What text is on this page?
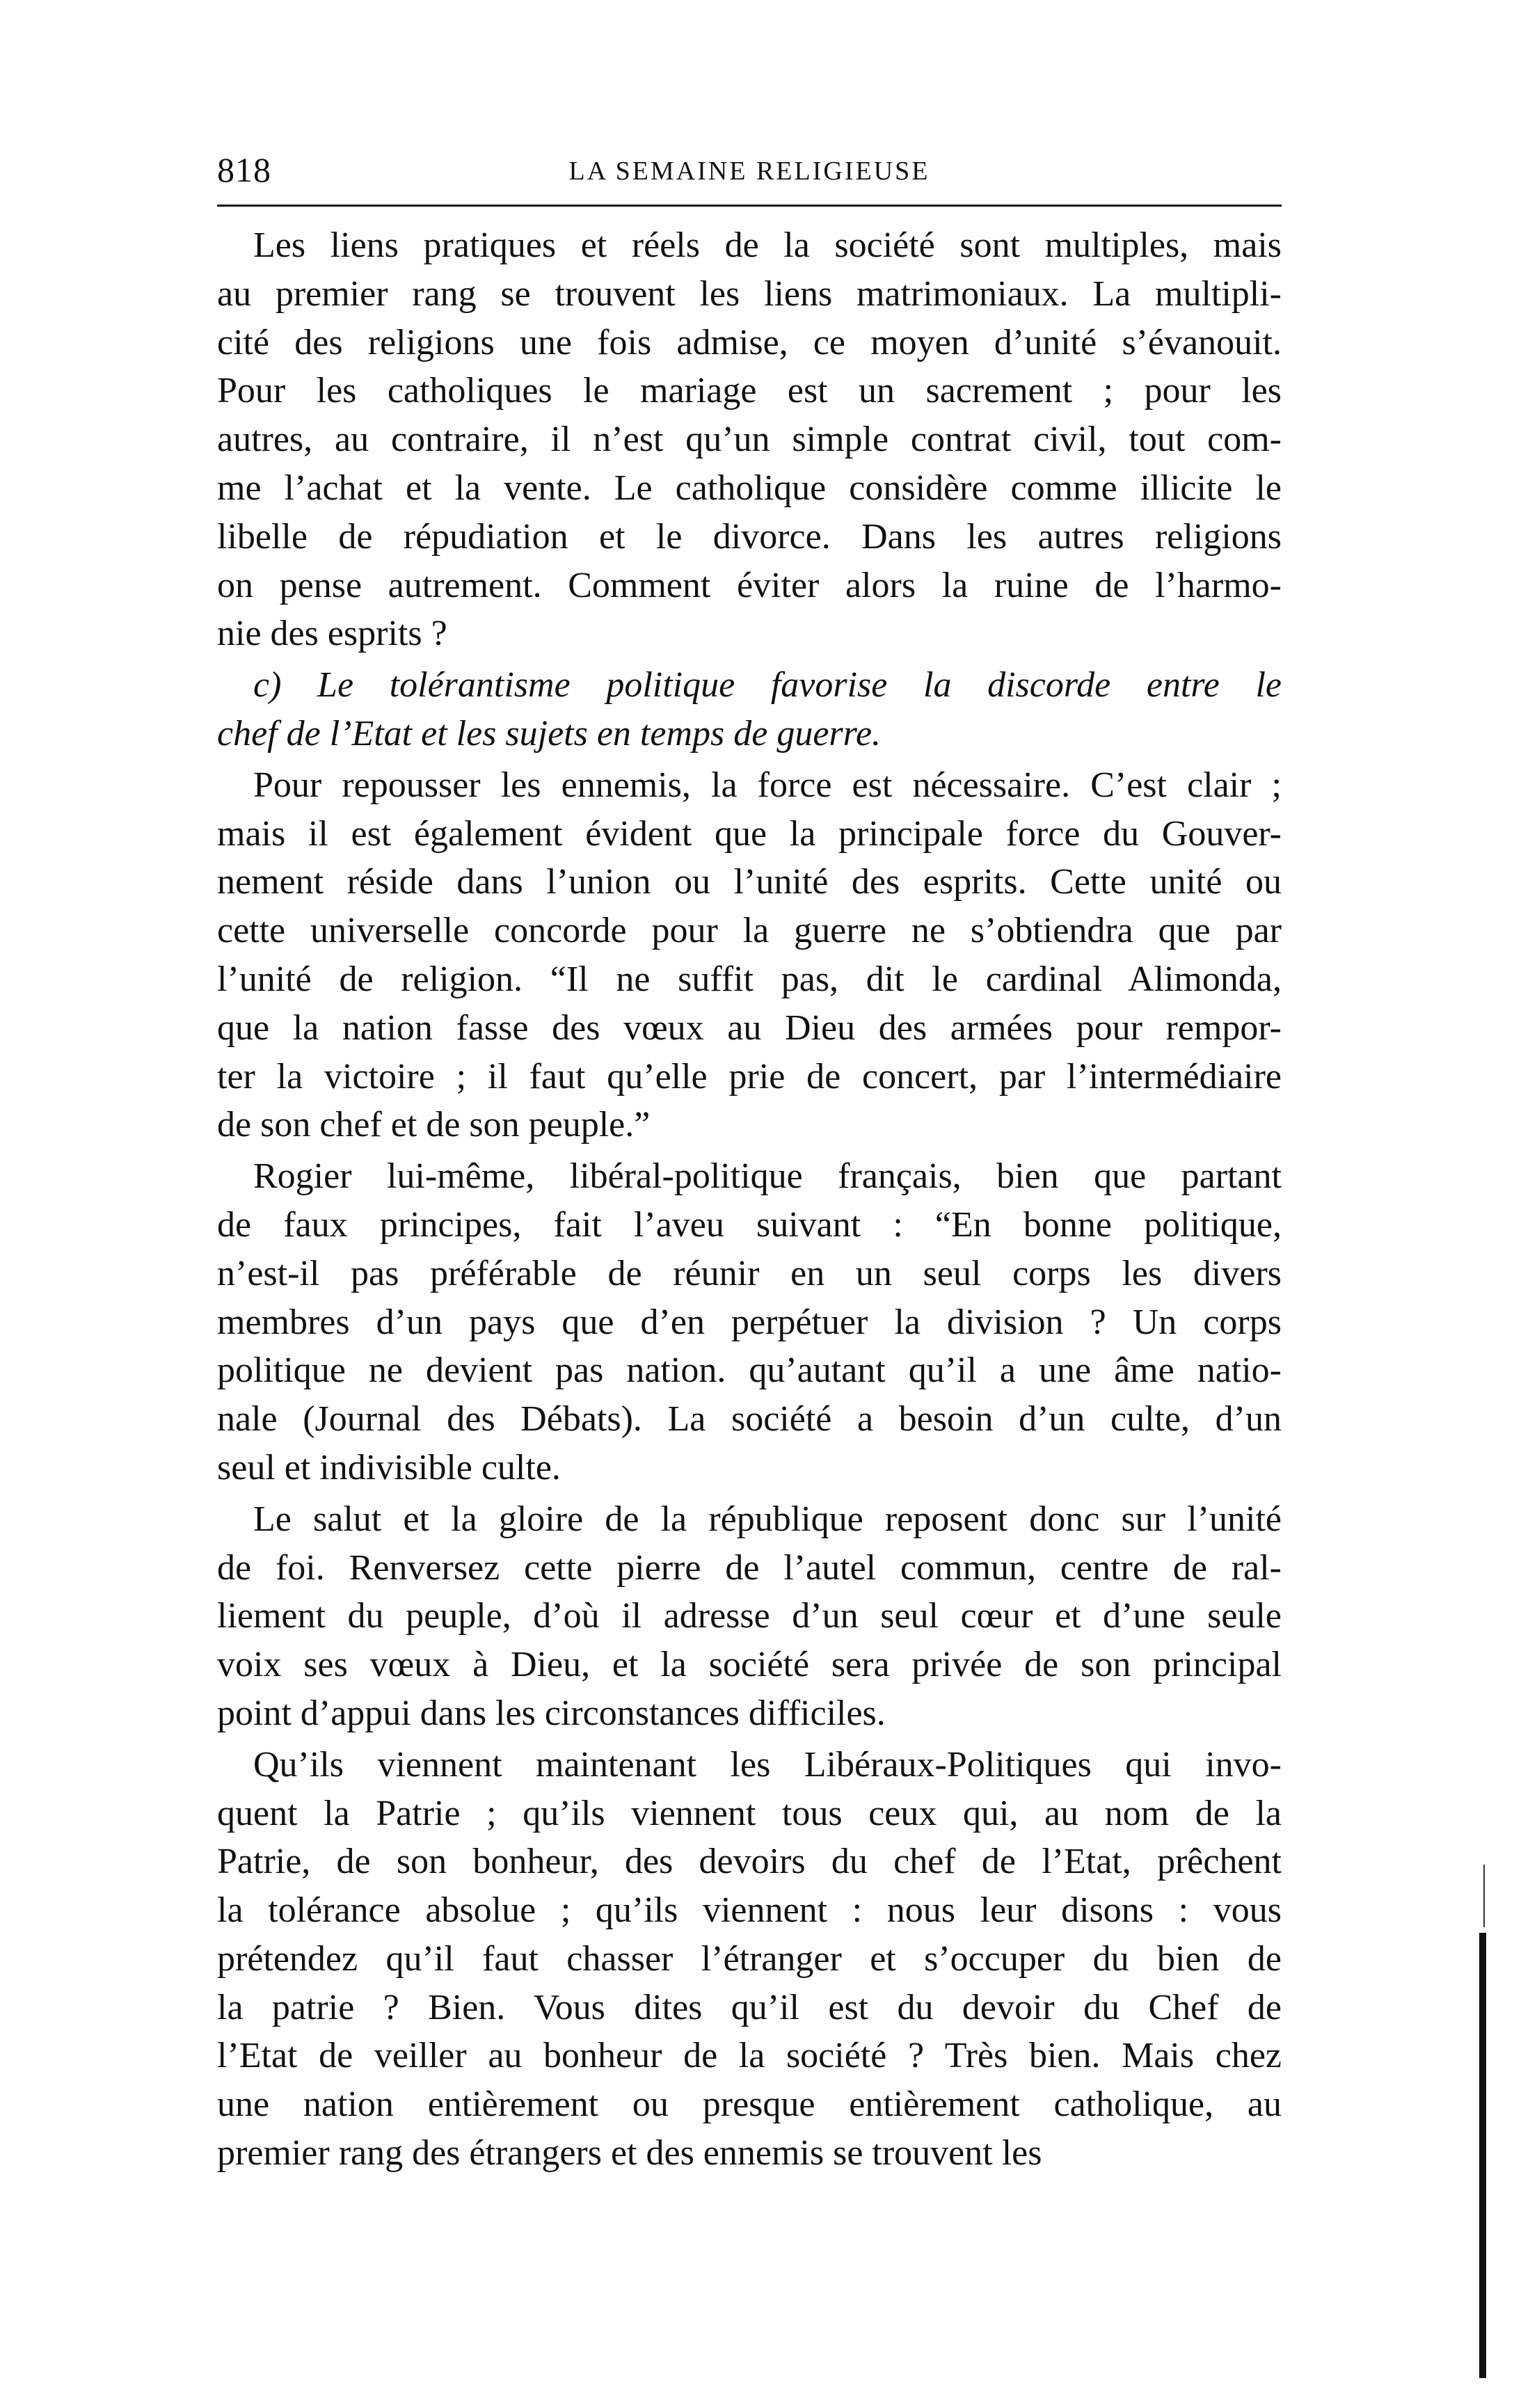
818	LA SEMAINE RELIGIEUSE
Les liens pratiques et réels de la société sont multiples, mais
au premier rang se trouvent les liens matrimoniaux. La multipli-
cité des religions une fois admise, ce moyen d’unité s’évanouit.
Pour les catholiques le mariage est un sacrement ; pour les
autres, au contraire, il n’est qu’un simple contrat civil, tout com-
me l’achat et la vente. Le catholique considère comme illicite le
libelle de répudiation et le divorce. Dans les autres religions
on pense autrement. Comment éviter alors la ruine de l’harmo-
nie des esprits ?
c) Le tolérantisme politique favorise la discorde entre le
chef de l’Etat et les sujets en temps de guerre.
Pour repousser les ennemis, la force est nécessaire. C’est clair ;
mais il est également évident que la principale force du Gouver-
nement réside dans l’union ou l’unité des esprits. Cette unité ou
cette universelle concorde pour la guerre ne s’obtiendra que par
l’unité de religion. “Il ne suffit pas, dit le cardinal Alimonda,
que la nation fasse des vœux au Dieu des armées pour rempor-
ter la victoire ; il faut qu’elle prie de concert, par l’intermédiaire
de son chef et de son peuple.”
Rogier lui-même, libéral-politique français, bien que partant
de faux principes, fait l’aveu suivant : “En bonne politique,
n’est-il pas préférable de réunir en un seul corps les divers
membres d’un pays que d’en perpétuer la division ? Un corps
politique ne devient pas nation. qu’autant qu’il a une âme natio-
nale (Journal des Débats). La société a besoin d’un culte, d’un
seul et indivisible culte.
Le salut et la gloire de la république reposent donc sur l’unité
de foi. Renversez cette pierre de l’autel commun, centre de ral-
liement du peuple, d’où il adresse d’un seul cœur et d’une seule
voix ses vœux à Dieu, et la société sera privée de son principal
point d’appui dans les circonstances difficiles.
Qu’ils viennent maintenant les Libéraux-Politiques qui invo-
quent la Patrie ; qu’ils viennent tous ceux qui, au nom de la
Patrie, de son bonheur, des devoirs du chef de l’Etat, prêchent
la tolérance absolue ; qu’ils viennent : nous leur disons : vous
prétendez qu’il faut chasser l’étranger et s’occuper du bien de
la patrie ? Bien. Vous dites qu’il est du devoir du Chef de
l’Etat de veiller au bonheur de la société ? Très bien. Mais chez
une nation entièrement ou presque entièrement catholique, au
premier rang des étrangers et des ennemis se trouvent les
